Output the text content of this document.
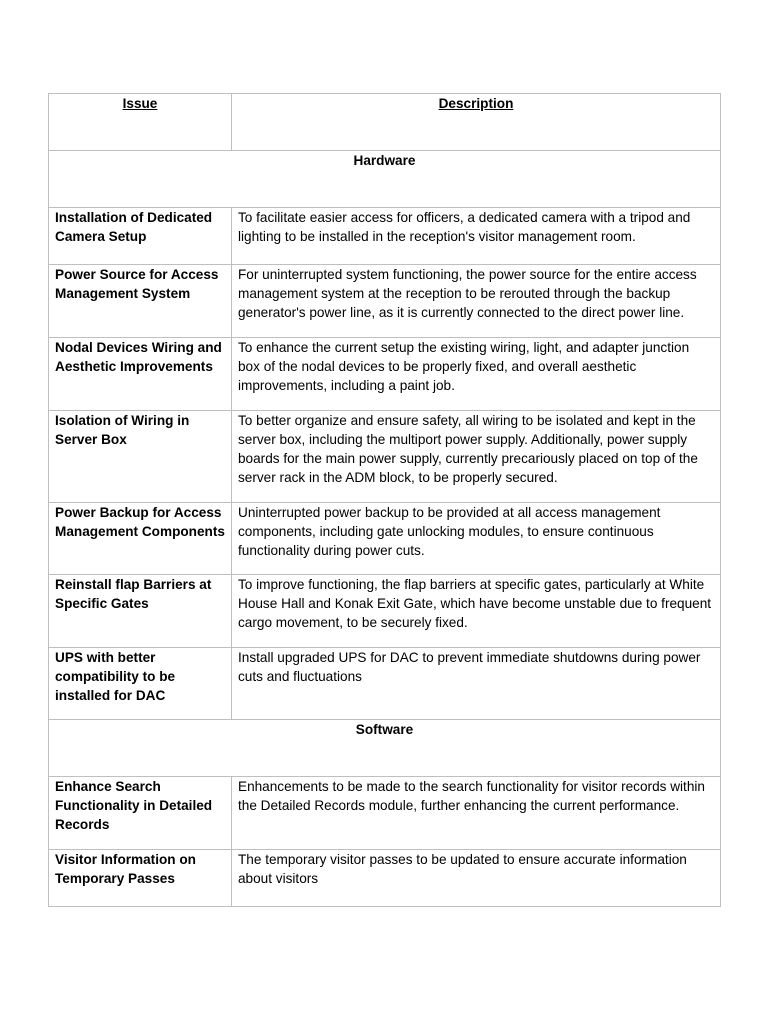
Issue	Description
Hardware	
Installation of Dedicated Camera Setup	To facilitate easier access for officers, a dedicated camera with a tripod and lighting to be installed in the reception's visitor management room.
Power Source for Access Management System	For uninterrupted system functioning, the power source for the entire access management system at the reception to be rerouted through the backup generator's power line, as it is currently connected to the direct power line.
Nodal Devices Wiring and Aesthetic Improvements	To enhance the current setup the existing wiring, light, and adapter junction box of the nodal devices to be properly fixed, and overall aesthetic improvements, including a paint job.
Isolation of Wiring in Server Box	To better organize and ensure safety, all wiring to be isolated and kept in the server box, including the multiport power supply. Additionally, power supply boards for the main power supply, currently precariously placed on top of the server rack in the ADM block, to be properly secured.
Power Backup for Access Management Components	Uninterrupted power backup to be provided at all access management components, including gate unlocking modules, to ensure continuous functionality during power cuts.
Reinstall flap Barriers at Specific Gates	To improve functioning, the flap barriers at specific gates, particularly at White House Hall and Konak Exit Gate, which have become unstable due to frequent cargo movement, to be securely fixed.
UPS with better compatibility to be installed for DAC	Install upgraded UPS for DAC to prevent immediate shutdowns during power cuts and fluctuations
Software	
Enhance Search Functionality in Detailed Records	Enhancements to be made to the search functionality for visitor records within the Detailed Records module, further enhancing the current performance.
Visitor Information on Temporary Passes	The temporary visitor passes to be updated to ensure accurate information about visitors
